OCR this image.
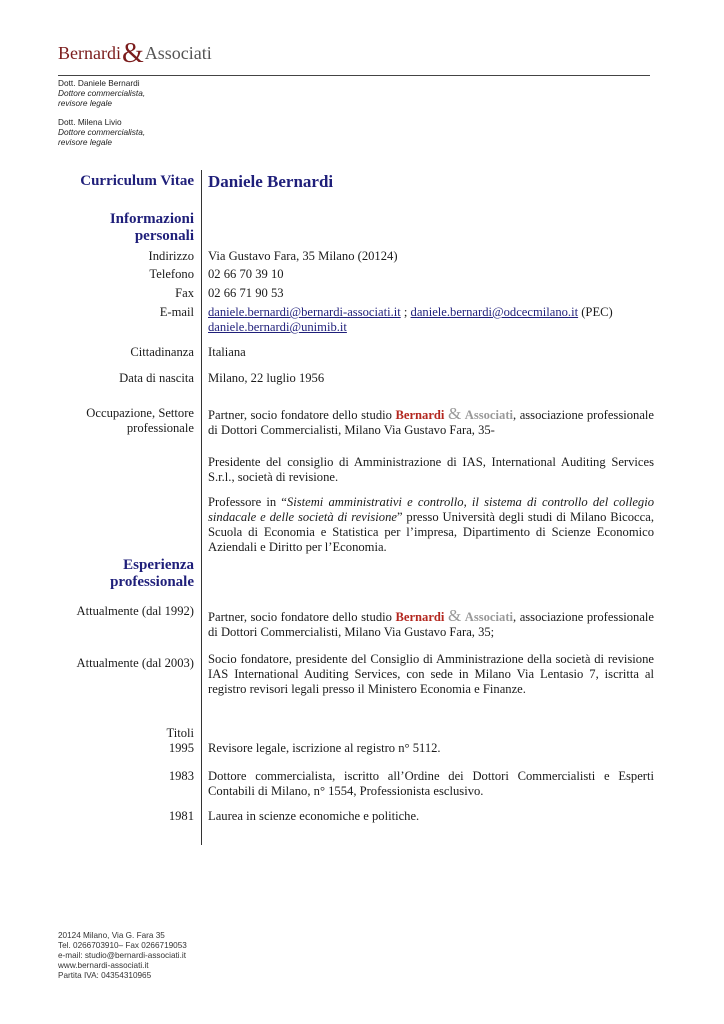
Bernardi&Associati
Dott. Daniele Bernardi
Dottore commercialista,
revisore legale
Dott. Milena Livio
Dottore commercialista,
revisore legale
Curriculum Vitae Daniele Bernardi
Informazioni personali
Indirizzo Via Gustavo Fara, 35 Milano (20124)
Telefono 02 66 70 39 10
Fax 02 66 71 90 53
E-mail daniele.bernardi@bernardi-associati.it ; daniele.bernardi@odcecmilano.it (PEC)
daniele.bernardi@unimib.it
Cittadinanza Italiana
Data di nascita Milano, 22 luglio 1956
Occupazione, Settore
professionale
Partner, socio fondatore dello studio Bernardi & Associati, associazione professionale di Dottori Commercialisti, Milano Via Gustavo Fara, 35-
Presidente del consiglio di Amministrazione di IAS, International Auditing Services S.r.l., società di revisione.
Professore in “Sistemi amministrativi e controllo, il sistema di controllo del collegio sindacale e delle società di revisione” presso Università degli studi di Milano Bicocca, Scuola di Economia e Statistica per l’impresa, Dipartimento di Scienze Economico Aziendali e Diritto per l’Economia.
Esperienza professionale
Attualmente (dal 1992) Partner, socio fondatore dello studio Bernardi & Associati, associazione professionale di Dottori Commercialisti, Milano Via Gustavo Fara, 35;
Attualmente (dal 2003) Socio fondatore, presidente del Consiglio di Amministrazione della società di revisione IAS International Auditing Services, con sede in Milano Via Lentasio 7, iscritta al registro revisori legali presso il Ministero Economia e Finanze.
Titoli
1995 Revisore legale, iscrizione al registro n° 5112.
1983 Dottore commercialista, iscritto all’Ordine dei Dottori Commercialisti e Esperti Contabili di Milano, n° 1554, Professionista esclusivo.
1981 Laurea in scienze economiche e politiche.
20124 Milano, Via G. Fara 35
Tel. 0266703910– Fax 0266719053
e-mail: studio@bernardi-associati.it
www.bernardi-associati.it
Partita IVA: 04354310965
